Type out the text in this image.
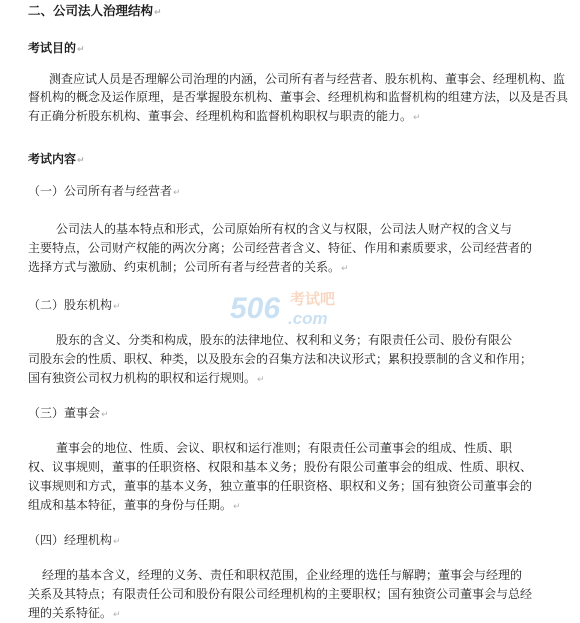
二、公司法人治理结构↵
考试目的↵
测查应试人员是否理解公司治理的内涵，公司所有者与经营者、股东机构、董事会、经理机构、监
督机构的概念及运作原理，是否掌握股东机构、董事会、经理机构和监督机构的组建方法，以及是否具
有正确分析股东机构、董事会、经理机构和监督机构职权与职责的能力。↵
考试内容↵
（一）公司所有者与经营者↵
公司法人的基本特点和形式，公司原始所有权的含义与权限，公司法人财产权的含义与
主要特点，公司财产权能的两次分离；公司经营者含义、特征、作用和素质要求，公司经营者的
选择方式与激励、约束机制；公司所有者与经营者的关系。↵
（二）股东机构↵
股东的含义、分类和构成，股东的法律地位、权利和义务；有限责任公司、股份有限公
司股东会的性质、职权、种类，以及股东会的召集方法和决议形式；累积投票制的含义和作用；
国有独资公司权力机构的职权和运行规则。↵
（三）董事会↵
董事会的地位、性质、会议、职权和运行准则；有限责任公司董事会的组成、性质、职
权、议事规则，董事的任职资格、权限和基本义务；股份有限公司董事会的组成、性质、职权、
议事规则和方式，董事的基本义务，独立董事的任职资格、职权和义务；国有独资公司董事会的
组成和基本特征，董事的身份与任期。↵
（四）经理机构↵
经理的基本含义，经理的义务、责任和职权范围，企业经理的选任与解聘；董事会与经理的
关系及其特点；有限责任公司和股份有限公司经理机构的主要职权；国有独资公司董事会与总经
理的关系特征。↵
506 考试吧
.com
